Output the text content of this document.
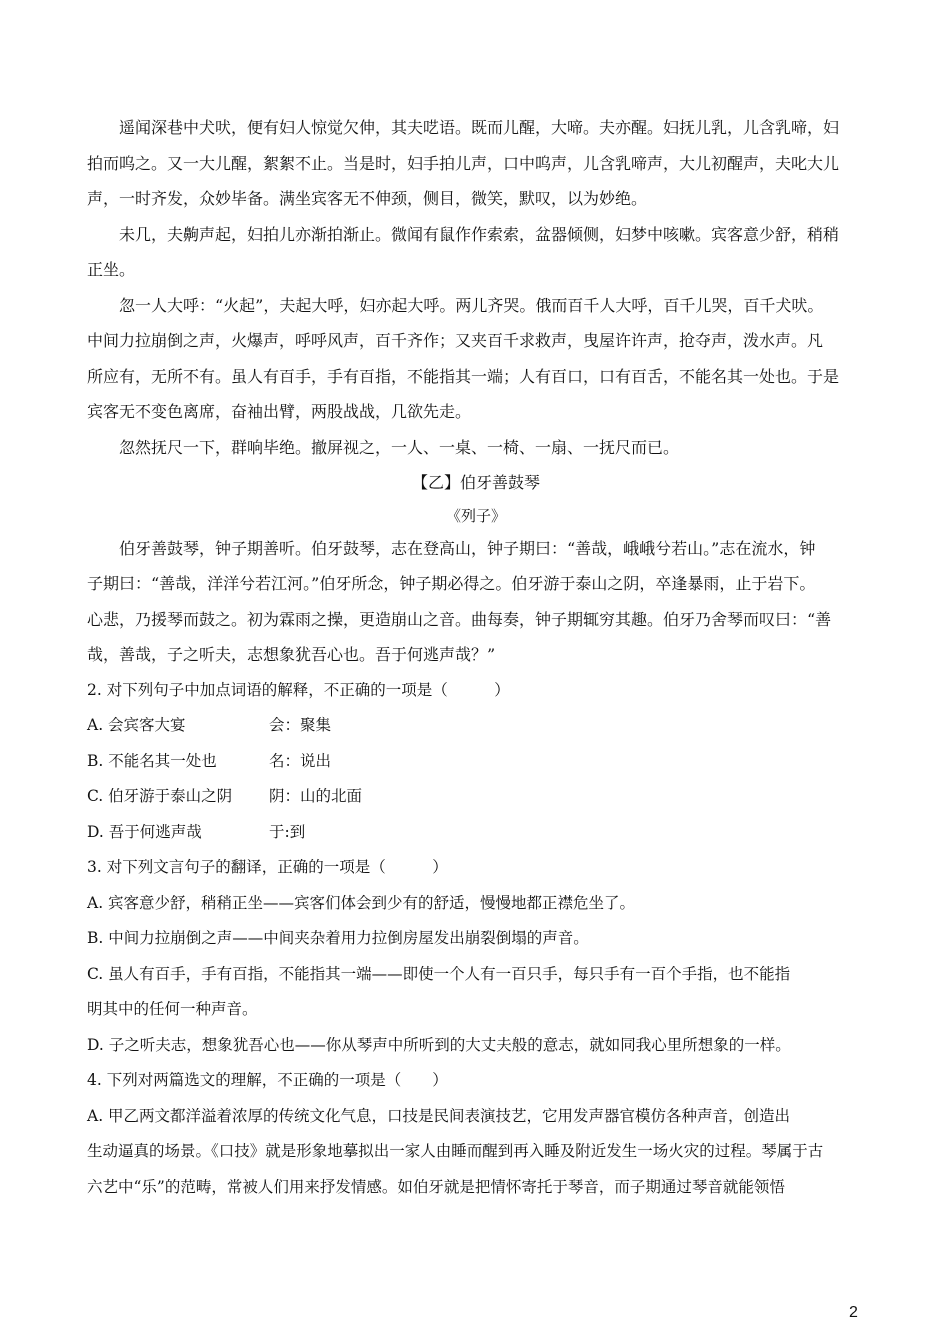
遥闻深巷中犬吠，便有妇人惊觉欠伸，其夫呓语。既而儿醒，大啼。夫亦醒。妇抚儿乳，儿含乳啼，妇
拍而呜之。又一大儿醒，絮絮不止。当是时，妇手拍儿声，口中呜声，儿含乳啼声，大儿初醒声，夫叱大儿
声，一时齐发，众妙毕备。满坐宾客无不伸颈，侧目，微笑，默叹，以为妙绝。
未几，夫齁声起，妇拍儿亦渐拍渐止。微闻有鼠作作索索，盆器倾侧，妇梦中咳嗽。宾客意少舒，稍稍
正坐。
忽一人大呼：“火起”，夫起大呼，妇亦起大呼。两儿齐哭。俄而百千人大呼，百千儿哭，百千犬吠。
中间力拉崩倒之声，火爆声，呼呼风声，百千齐作；又夹百千求救声，曳屋许许声，抢夺声，泼水声。凡
所应有，无所不有。虽人有百手，手有百指，不能指其一端；人有百口，口有百舌，不能名其一处也。于是
宾客无不变色离席，奋袖出臂，两股战战，几欲先走。
忽然抚尺一下，群响毕绝。撤屏视之，一人、一桌、一椅、一扇、一抚尺而已。
【乙】伯牙善鼓琴
《列子》
伯牙善鼓琴，钟子期善听。伯牙鼓琴，志在登高山，钟子期曰：“善哉，峨峨兮若山。”志在流水，钟
子期曰：“善哉，洋洋兮若江河。”伯牙所念，钟子期必得之。伯牙游于泰山之阴，卒逢暴雨，止于岩下。
心悲，乃援琴而鼓之。初为霖雨之操，更造崩山之音。曲每奏，钟子期辄穷其趣。伯牙乃舍琴而叹曰：“善
哉，善哉，子之听夫，志想象犹吾心也。吾于何逃声哉？”
2. 对下列句子中加点词语的解释，不正确的一项是（　　　）
A. 会宾客大宴	会：聚集
B. 不能名其一处也	名：说出
C. 伯牙游于泰山之阴	阴：山的北面
D. 吾于何逃声哉	于:到
3. 对下列文言句子的翻译，正确的一项是（　　　）
A. 宾客意少舒，稍稍正坐——宾客们体会到少有的舒适，慢慢地都正襟危坐了。
B. 中间力拉崩倒之声——中间夹杂着用力拉倒房屋发出崩裂倒塌的声音。
C. 虽人有百手，手有百指，不能指其一端——即使一个人有一百只手，每只手有一百个手指，也不能指
明其中的任何一种声音。
D. 子之听夫志，想象犹吾心也——你从琴声中所听到的大丈夫般的意志，就如同我心里所想象的一样。
4. 下列对两篇选文的理解，不正确的一项是（　　）
A. 甲乙两文都洋溢着浓厚的传统文化气息，口技是民间表演技艺，它用发声器官模仿各种声音，创造出
生动逼真的场景。《口技》就是形象地摹拟出一家人由睡而醒到再入睡及附近发生一场火灾的过程。琴属于古
六艺中“乐”的范畴，常被人们用来抒发情感。如伯牙就是把情怀寄托于琴音，而子期通过琴音就能领悟
2
